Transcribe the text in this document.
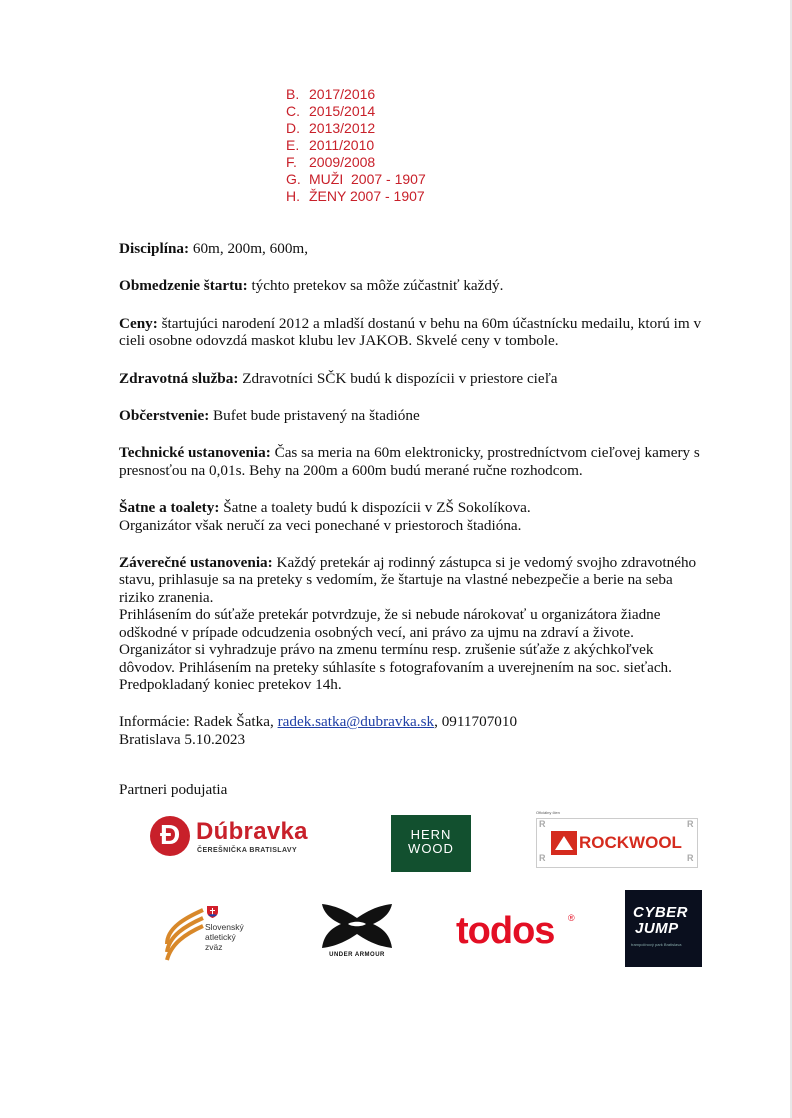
B. 2017/2016
C. 2015/2014
D. 2013/2012
E. 2011/2010
F. 2009/2008
G. MUŽI  2007 - 1907
H. ŽENY 2007 - 1907

Disciplína: 60m, 200m, 600m,

Obmedzenie štartu: týchto pretekov sa môže zúčastniť každý.

Ceny: štartujúci narodení 2012 a mladší dostanú v behu na 60m účastnícku medailu, ktorú im v cieli osobne odovzdá maskot klubu lev JAKOB. Skvelé ceny v tombole.

Zdravotná služba: Zdravotníci SČK budú k dispozícii v priestore cieľa

Občerstvenie: Bufet bude pristavený na štadióne

Technické ustanovenia: Čas sa meria na 60m elektronicky, prostredníctvom cieľovej kamery s presnosťou na 0,01s. Behy na 200m a 600m budú merané ručne rozhodcom.

Šatne a toalety: Šatne a toalety budú k dispozícii v ZŠ Sokolíkova.

Organizátor však neručí za veci ponechané v priestoroch štadióna.

Záverečné ustanovenia: Každý pretekár aj rodinný zástupca si je vedomý svojho zdravotného stavu, prihlasuje sa na preteky s vedomím, že štartuje na vlastné nebezpečie a berie na seba riziko zranenia.

Prihlásením do súťaže pretekár potvrdzuje, že si nebude nárokovať u organizátora žiadne odškodné v prípade odcudzenia osobných vecí, ani právo za ujmu na zdraví a živote.

Organizátor si vyhradzuje právo na zmenu termínu resp. zrušenie súťaže z akýchkoľvek dôvodov. Prihlásením na preteky súhlasíte s fotografovaním a uverejnením na soc. sieťach.

Predpokladaný koniec pretekov 14h.

Informácie: Radek Šatka, radek.satka@dubravka.sk, 0911707010

Bratislava 5.10.2023

Partneri podujatia
Đ Dúbravka
ČEREŠNIČKA BRATISLAVY
HERN
WOOD
Oficiálny člen
R
R
R
R
ROCKWOOL
Slovenský
atletický
zväz
UNDER ARMOUR
todos ®	CYBER
JUMP
trampolínový park Bratislava
